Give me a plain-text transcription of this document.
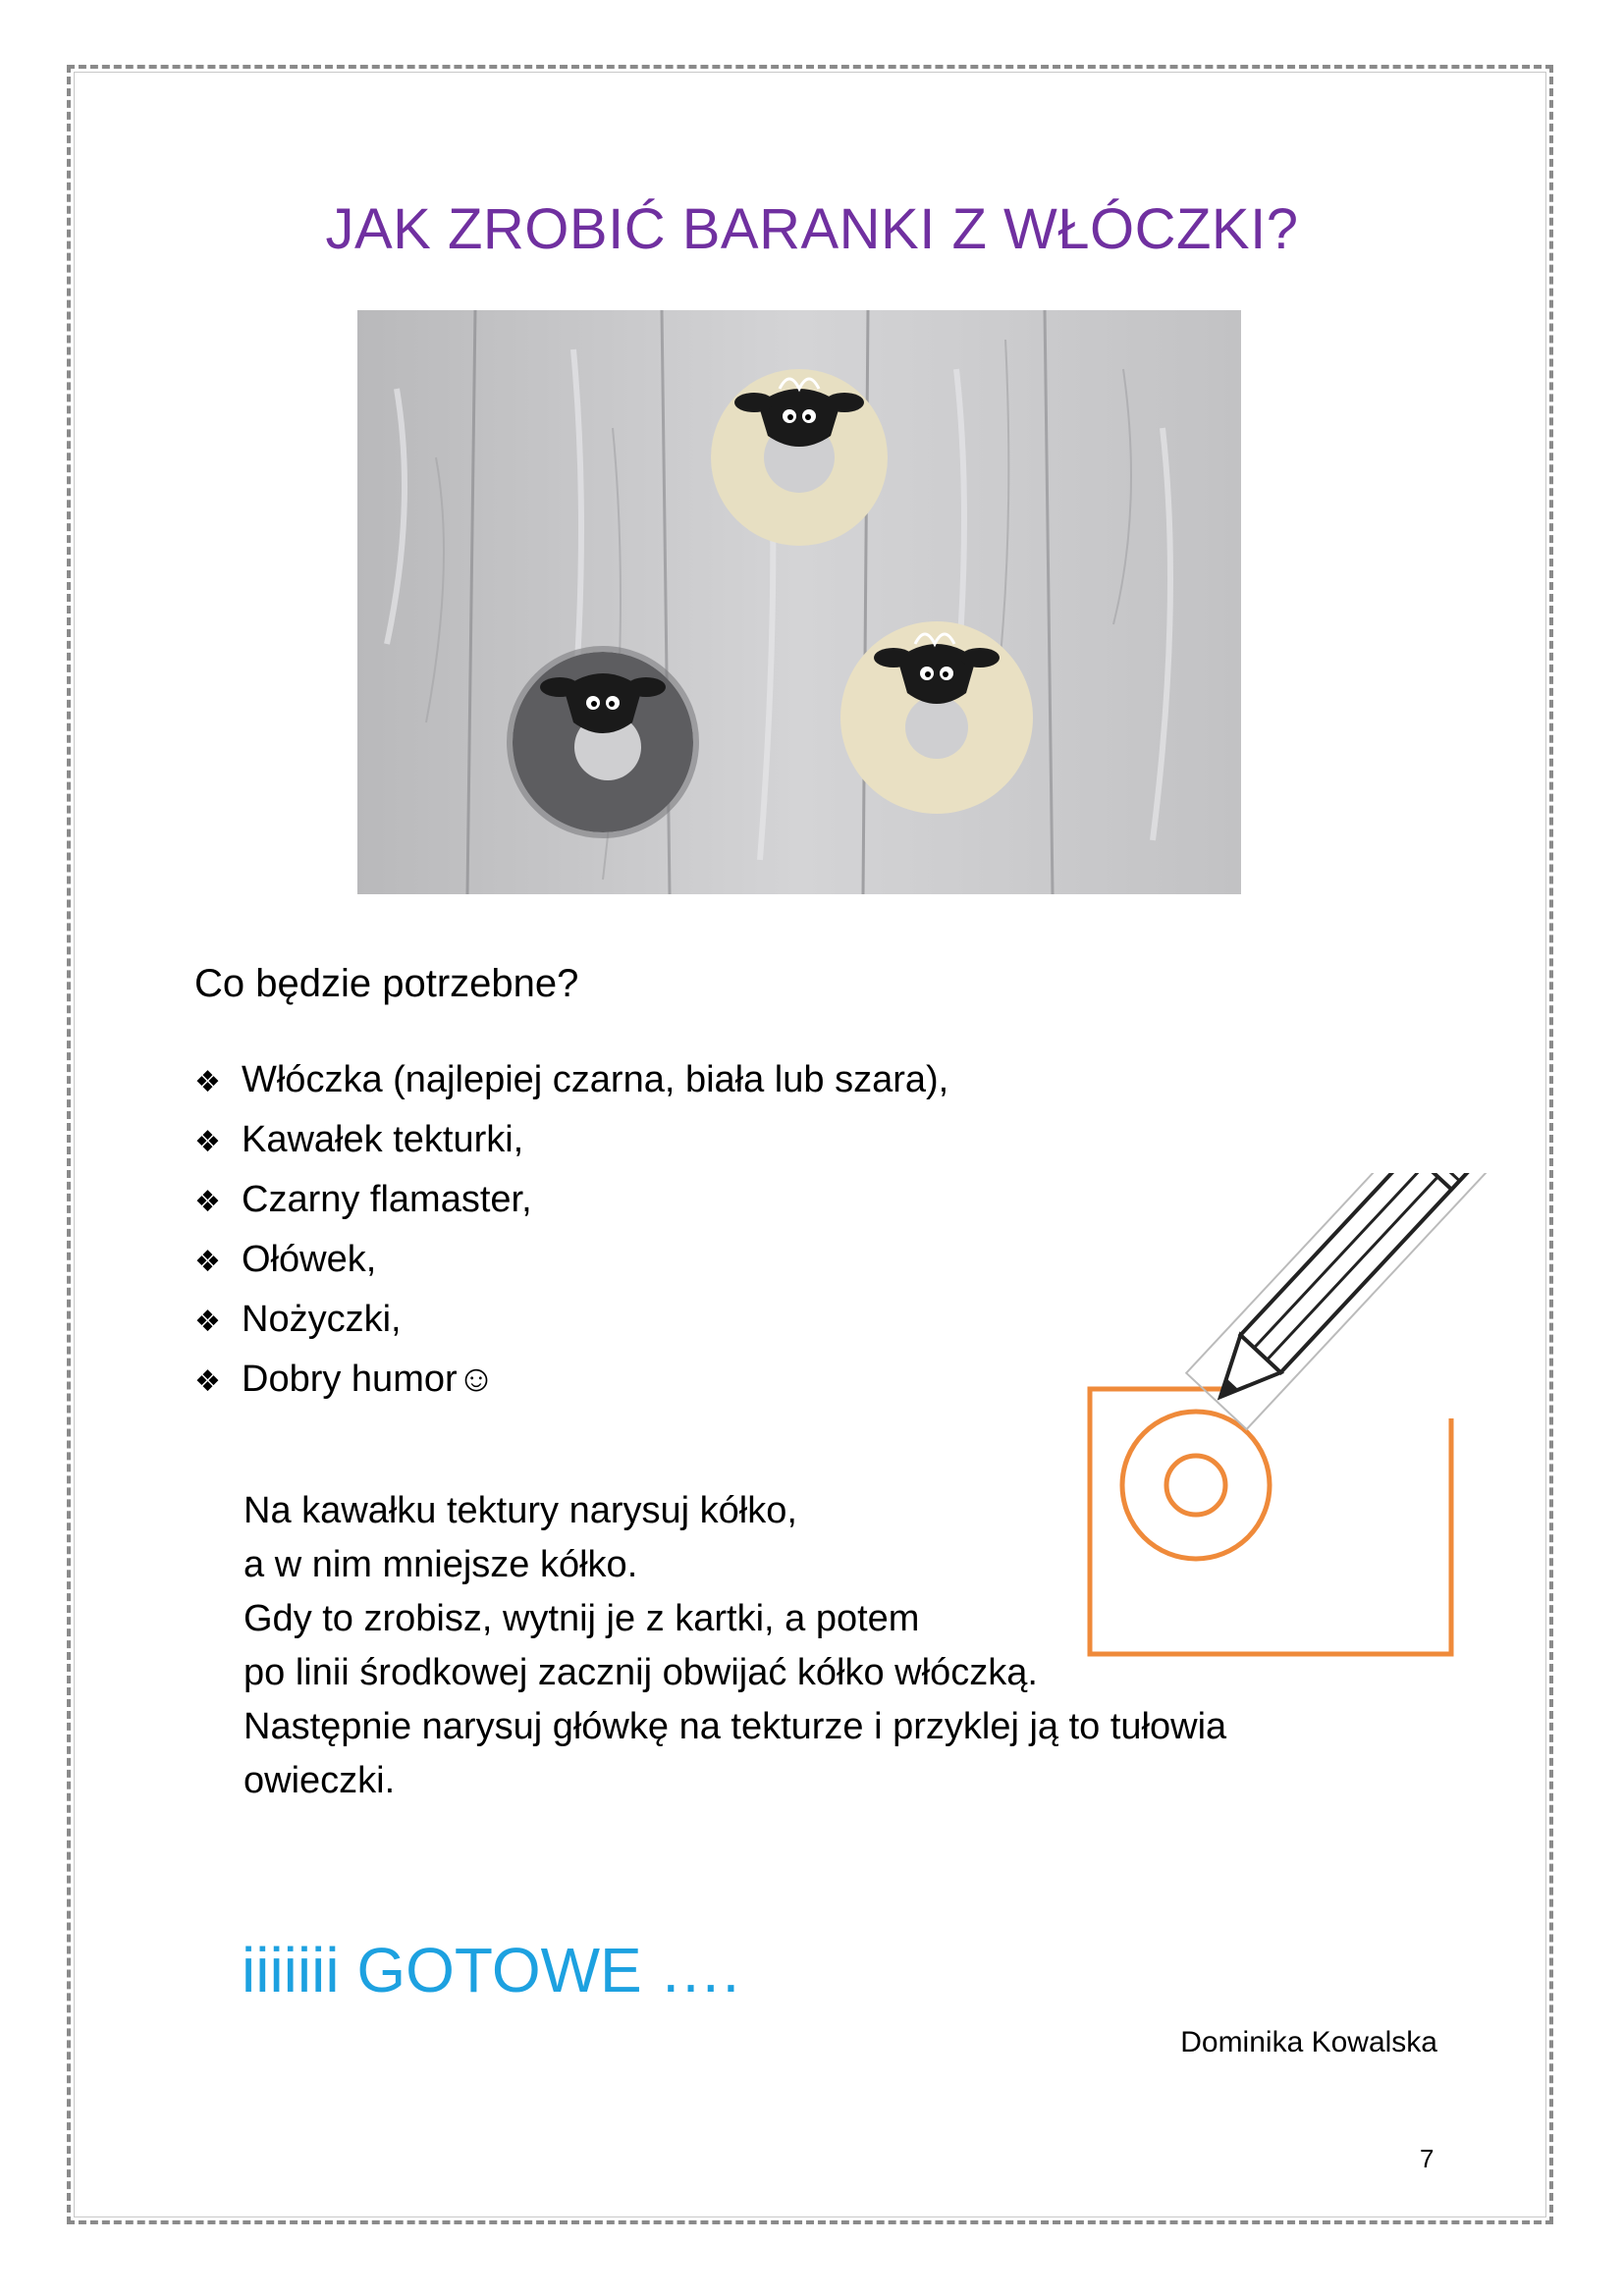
JAK ZROBIĆ BARANKI Z WŁÓCZKI?
Co będzie potrzebne?
❖ Włóczka (najlepiej czarna, biała lub szara),
❖ Kawałek tekturki,
❖ Czarny flamaster,
❖ Ołówek,
❖ Nożyczki,
❖ Dobry humor☺
Na kawałku tektury narysuj kółko,
a w nim mniejsze kółko.
Gdy to zrobisz, wytnij je z kartki, a potem
po linii środkowej zacznij obwijać kółko włóczką.
Następnie narysuj główkę na tekturze i przyklej ją to tułowia
owieczki.
iiiiiii GOTOWE ….
Dominika Kowalska
7
